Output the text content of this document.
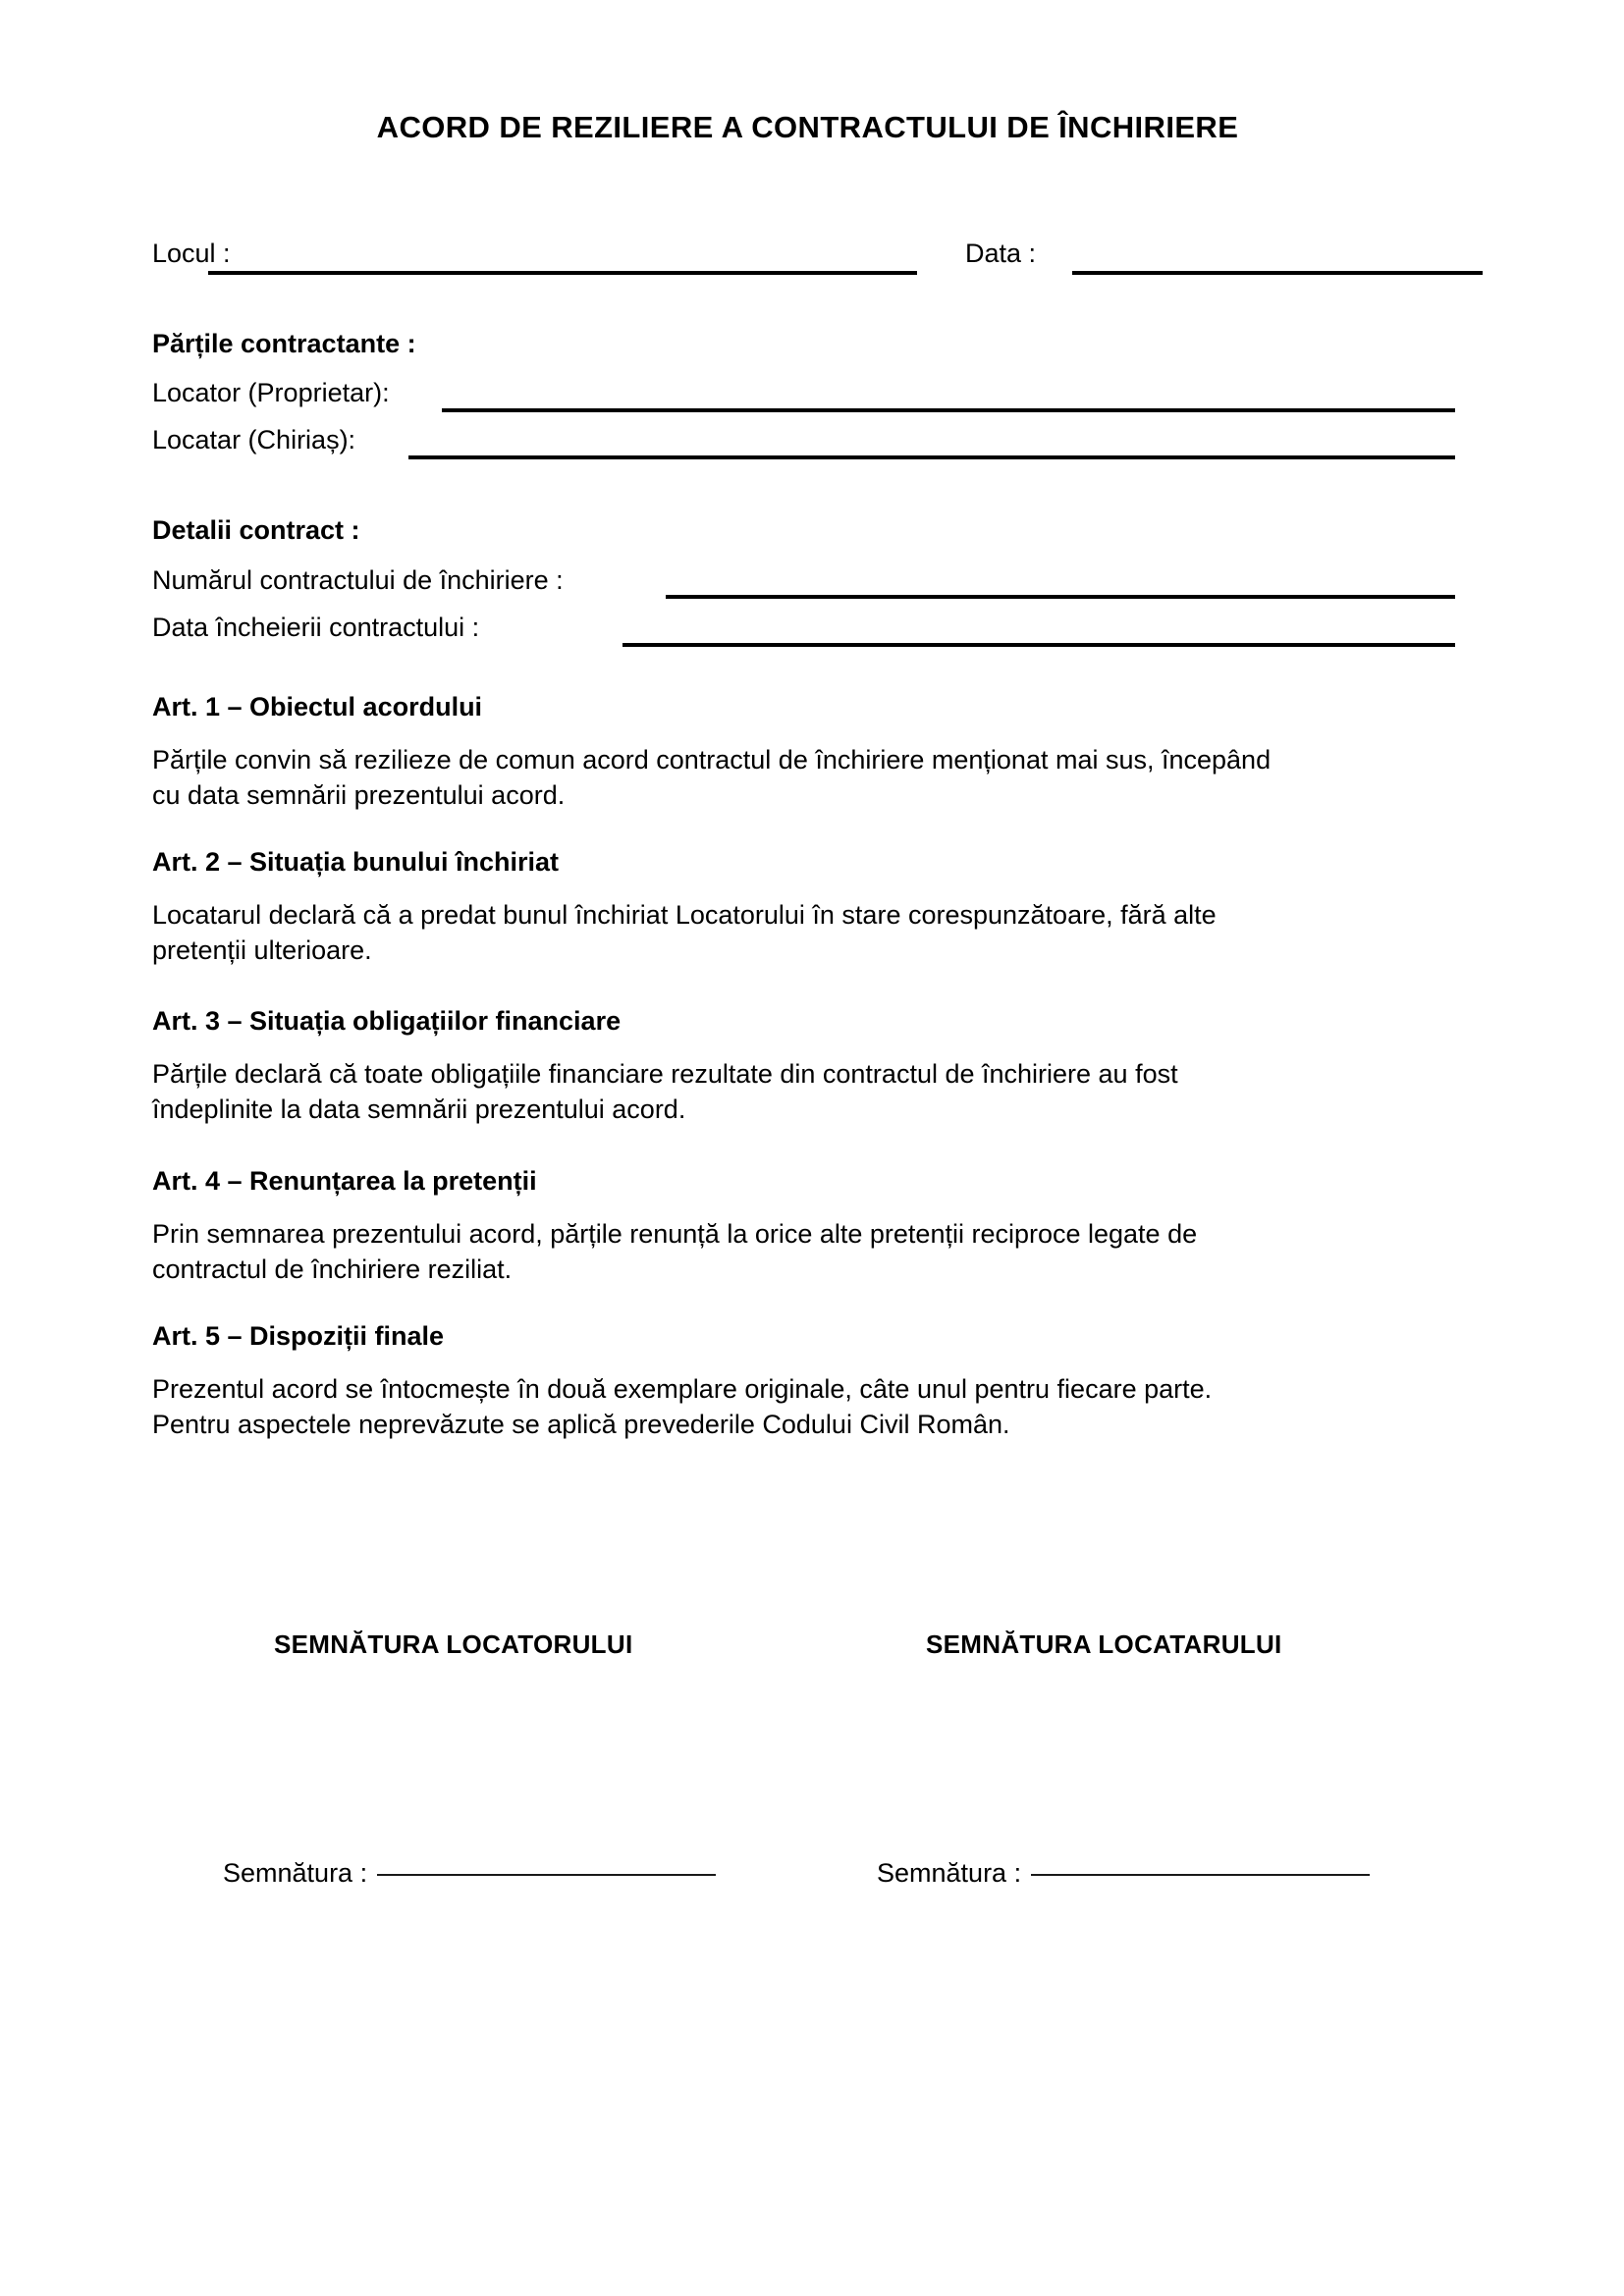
ACORD DE REZILIERE A CONTRACTULUI DE ÎNCHIRIERE
Locul :	Data :
Părțile contractante :
Locator (Proprietar):
Locatar (Chiriaș):
Detalii contract :
Numărul contractului de închiriere :
Data încheierii contractului :
Art. 1 – Obiectul acordului
Părțile convin să rezilieze de comun acord contractul de închiriere menționat mai sus, începând
cu data semnării prezentului acord.
Art. 2 – Situația bunului închiriat
Locatarul declară că a predat bunul închiriat Locatorului în stare corespunzătoare, fără alte
pretenții ulterioare.
Art. 3 – Situația obligațiilor financiare
Părțile declară că toate obligațiile financiare rezultate din contractul de închiriere au fost
îndeplinite la data semnării prezentului acord.
Art. 4 – Renunțarea la pretenții
Prin semnarea prezentului acord, părțile renunță la orice alte pretenții reciproce legate de
contractul de închiriere reziliat.
Art. 5 – Dispoziții finale
Prezentul acord se întocmește în două exemplare originale, câte unul pentru fiecare parte.
Pentru aspectele neprevăzute se aplică prevederile Codului Civil Român.
SEMNĂTURA LOCATORULUI	SEMNĂTURA LOCATARULUI
Semnătura :	Semnătura :
